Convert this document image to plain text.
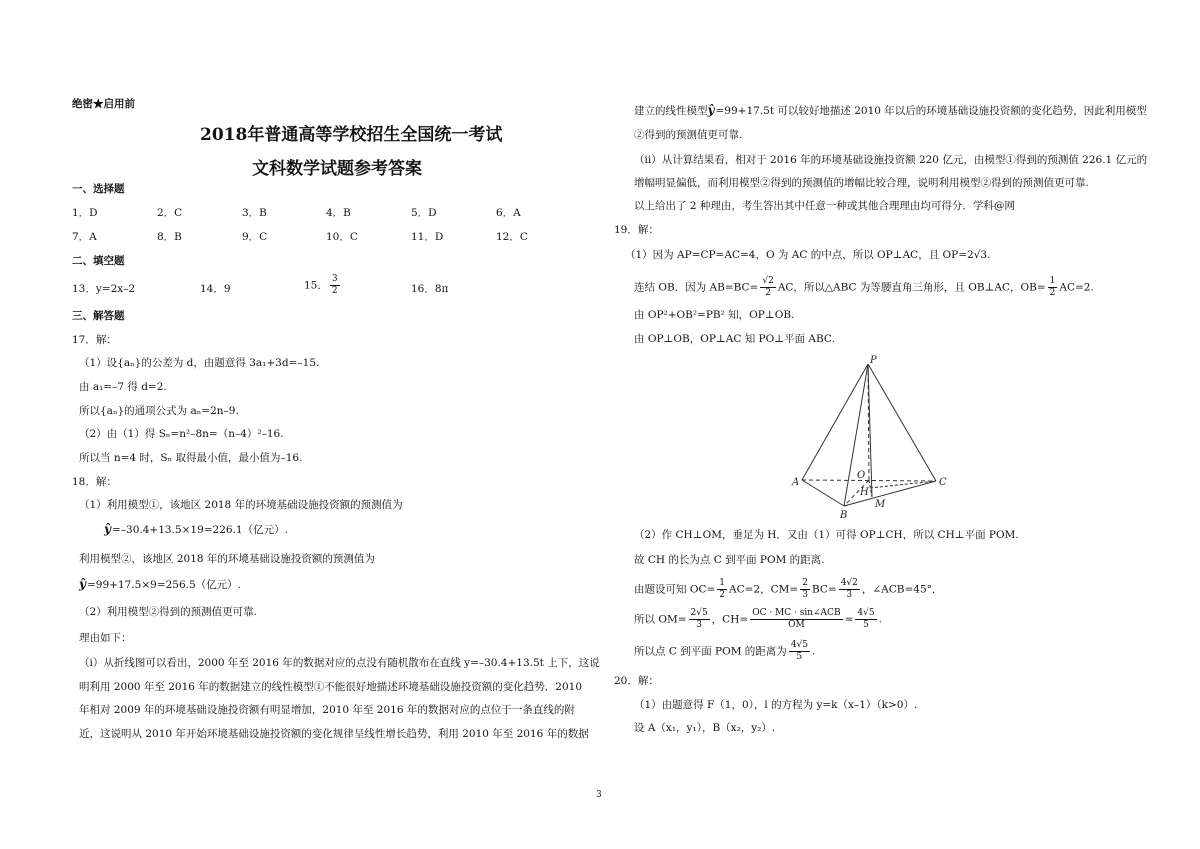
绝密★启用前
2018年普通高等学校招生全国统一考试
文科数学试题参考答案
一、选择题
1．D	2．C	3．B	4．B	5．D	6．A
7．A	8．B	9．C	10．C	11．D	12．C
二、填空题
13．y=2x–2	14．9	15． $\frac{3}{2}$	16．8π
三、解答题
17．解：
（1）设{aₙ}的公差为 d，由题意得 3a₁+3d=–15.
由 a₁=–7 得 d=2.
所以{aₙ}的通项公式为 aₙ=2n–9.
（2）由（1）得 Sₙ=n²–8n=（n–4）²–16.
所以当 n=4 时，Sₙ 取得最小值，最小值为–16.
18．解：
（1）利用模型①，该地区 2018 年的环境基础设施投资额的预测值为
ŷ=–30.4+13.5×19=226.1（亿元）.
利用模型②，该地区 2018 年的环境基础设施投资额的预测值为
ŷ=99+17.5×9=256.5（亿元）.
（2）利用模型②得到的预测值更可靠.
理由如下：
（i）从折线图可以看出，2000 年至 2016 年的数据对应的点没有随机散布在直线 y=–30.4+13.5t 上下，这说
明利用 2000 年至 2016 年的数据建立的线性模型①不能很好地描述环境基础设施投资额的变化趋势．2010
年相对 2009 年的环境基础设施投资额有明显增加，2010 年至 2016 年的数据对应的点位于一条直线的附
近，这说明从 2010 年开始环境基础设施投资额的变化规律呈线性增长趋势，利用 2010 年至 2016 年的数据
建立的线性模型ŷ=99+17.5t 可以较好地描述 2010 年以后的环境基础设施投资额的变化趋势，因此利用模型
②得到的预测值更可靠.
（ii）从计算结果看，相对于 2016 年的环境基础设施投资额 220 亿元，由模型①得到的预测值 226.1 亿元的
增幅明显偏低，而利用模型②得到的预测值的增幅比较合理，说明利用模型②得到的预测值更可靠.
以上给出了 2 种理由，考生答出其中任意一种或其他合理理由均可得分．学科@网
19．解：
（1）因为 AP=CP=AC=4，O 为 AC 的中点，所以 OP⊥AC，且 OP=2√3.
连结 OB．因为 $AB=BC= \frac{√2}{2}$ AC，所以△ABC 为等腰直角三角形，且 OB⊥AC，$OB= \frac{1}{2} AC=2$.
由 OP²+OB²=PB² 知，OP⊥OB.
由 OP⊥OB，OP⊥AC 知 PO⊥平面 ABC.
P
A	C
O
H
B
M
（2）作 CH⊥OM，垂足为 H．又由（1）可得 OP⊥CH，所以 CH⊥平面 POM.
故 CH 的长为点 C 到平面 POM 的距离.
由题设可知 $OC= \frac{1}{2} AC=2$，$CM= \frac{2}{3} BC= \frac{4√2}{3}$ ，∠ACB=45°．
所以 $OM= \frac{2√5}{3}$ ，$CH= \frac{\text{OC · MC · sin∠ACB}}{OM} = \frac{4√5}{5}$ .
所以点 C 到平面 POM 的距离为 $\frac{4√5}{5}$ .
20．解：
（1）由题意得 F（1，0），l 的方程为 y=k（x–1）（k>0）.
设 A（x₁，y₁），B（x₂，y₂）.
3
